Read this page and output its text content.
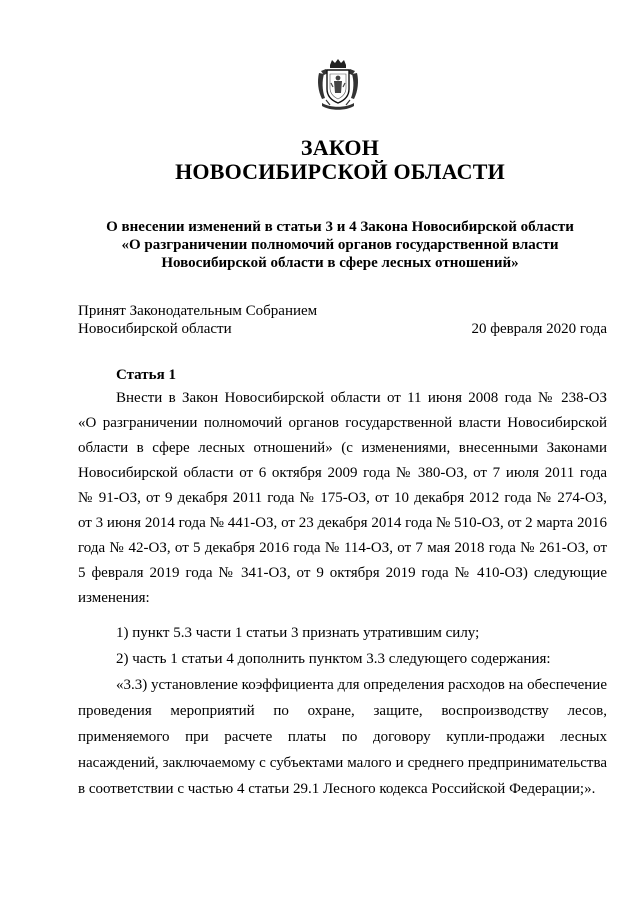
ЗАКОН
НОВОСИБИРСКОЙ ОБЛАСТИ
О внесении изменений в статьи 3 и 4 Закона Новосибирской области
«О разграничении полномочий органов государственной власти
Новосибирской области в сфере лесных отношений»
Принят Законодательным Собранием
Новосибирской области	20 февраля 2020 года
Статья 1
Внести в Закон Новосибирской области от 11 июня 2008 года № 238-ОЗ
«О разграничении полномочий органов государственной власти Новосибирской
области в сфере лесных отношений» (с изменениями, внесенными Законами
Новосибирской области от 6 октября 2009 года № 380-ОЗ, от 7 июля 2011 года
№ 91-ОЗ, от 9 декабря 2011 года № 175-ОЗ, от 10 декабря 2012 года № 274-ОЗ,
от 3 июня 2014 года № 441-ОЗ, от 23 декабря 2014 года № 510-ОЗ, от 2 марта 2016
года № 42-ОЗ, от 5 декабря 2016 года № 114-ОЗ, от 7 мая 2018 года № 261-ОЗ, от
5 февраля 2019 года № 341-ОЗ, от 9 октября 2019 года № 410-ОЗ) следующие
изменения:
1) пункт 5.3 части 1 статьи 3 признать утратившим силу;
2) часть 1 статьи 4 дополнить пунктом 3.3 следующего содержания:
«3.3) установление коэффициента для определения расходов на обеспечение
проведения мероприятий по охране, защите, воспроизводству лесов,
применяемого при расчете платы по договору купли-продажи лесных
насаждений, заключаемому с субъектами малого и среднего предпринимательства
в соответствии с частью 4 статьи 29.1 Лесного кодекса Российской Федерации;».
